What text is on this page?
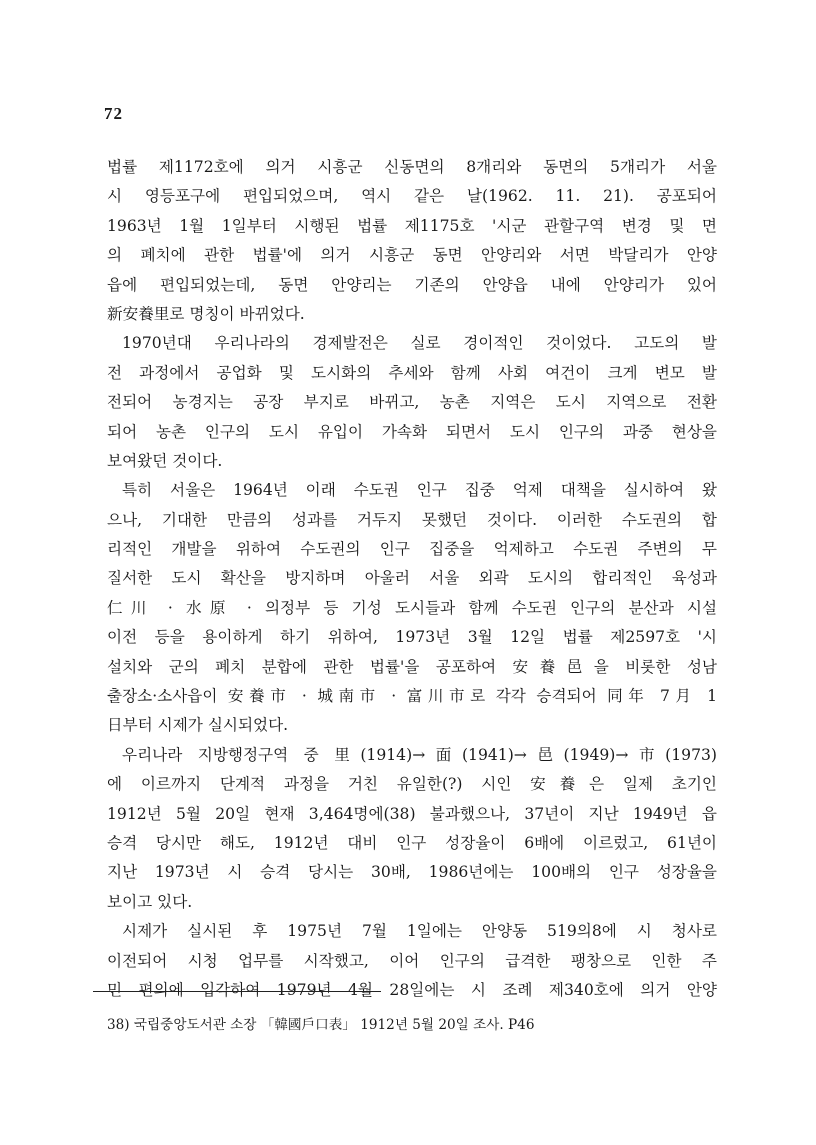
72
법률 제1172호에 의거 시흥군 신동면의 8개리와 동면의 5개리가 서울
시 영등포구에 편입되었으며, 역시 같은 날(1962. 11. 21). 공포되어
1963년 1월 1일부터 시행된 법률 제1175호 '시군 관할구역 변경 및 면
의 폐치에 관한 법률'에 의거 시흥군 동면 안양리와 서면 박달리가 안양
읍에 편입되었는데, 동면 안양리는 기존의 안양읍 내에 안양리가 있어
新安養里로 명칭이 바뀌었다.
1970년대 우리나라의 경제발전은 실로 경이적인 것이었다. 고도의 발
전 과정에서 공업화 및 도시화의 추세와 함께 사회 여건이 크게 변모 발
전되어 농경지는 공장 부지로 바뀌고, 농촌 지역은 도시 지역으로 전환
되어 농촌 인구의 도시 유입이 가속화 되면서 도시 인구의 과중 현상을
보여왔던 것이다.
특히 서울은 1964년 이래 수도권 인구 집중 억제 대책을 실시하여 왔
으나, 기대한 만큼의 성과를 거두지 못했던 것이다. 이러한 수도권의 합
리적인 개발을 위하여 수도권의 인구 집중을 억제하고 수도권 주변의 무
질서한 도시 확산을 방지하며 아울러 서울 외곽 도시의 합리적인 육성과
仁川 · 水原 · 의정부 등 기성 도시들과 함께 수도권 인구의 분산과 시설
이전 등을 용이하게 하기 위하여, 1973년 3월 12일 법률 제2597호 '시
설치와 군의 폐치 분합에 관한 법률'을 공포하여 安養邑을 비롯한 성남
출장소·소사읍이 安養市 · 城南市 · 富川市로 각각 승격되어 同年 7月 1
日부터 시제가 실시되었다.
우리나라 지방행정구역 중 里(1914)→面(1941)→邑(1949)→市(1973)
에 이르까지 단계적 과정을 거친 유일한(?) 시인 安養은 일제 초기인
1912년 5월 20일 현재 3,464명에(38) 불과했으나, 37년이 지난 1949년 읍
승격 당시만 해도, 1912년 대비 인구 성장율이 6배에 이르렀고, 61년이
지난 1973년 시 승격 당시는 30배, 1986년에는 100배의 인구 성장율을
보이고 있다.
시제가 실시된 후 1975년 7월 1일에는 안양동 519의8에 시 청사로
이전되어 시청 업무를 시작했고, 이어 인구의 급격한 팽창으로 인한 주
민 편의에 입각하여 1979년 4월 28일에는 시 조례 제340호에 의거 안양
38) 국립중앙도서관 소장 「韓國戶口表」 1912년 5월 20일 조사. P46
